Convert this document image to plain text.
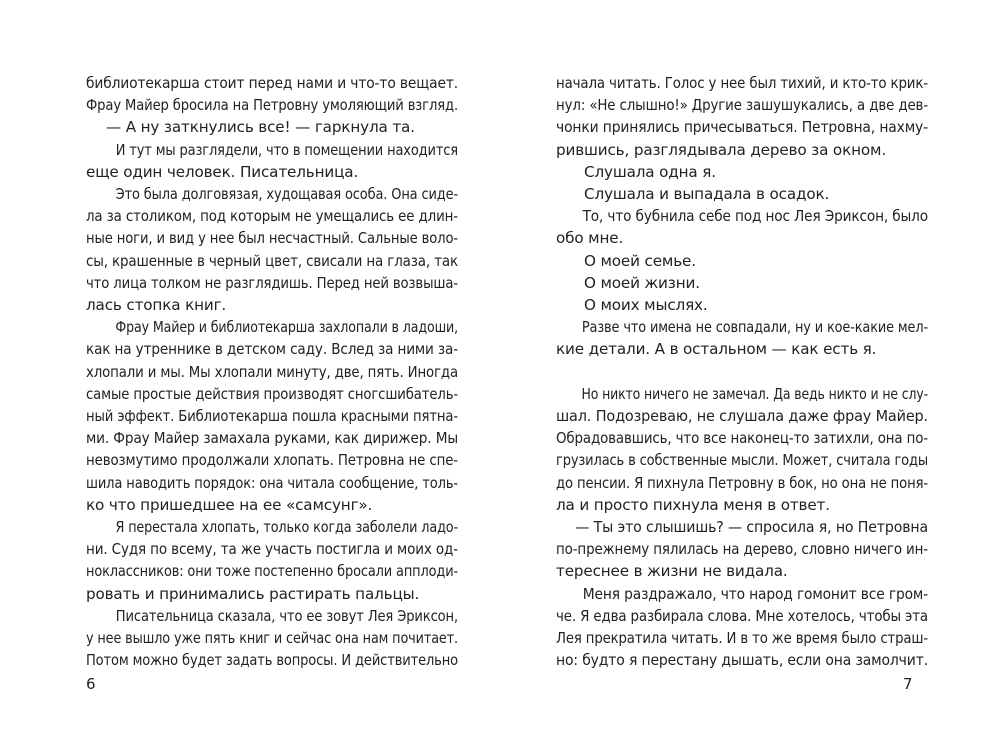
библиотекарша стоит перед нами и что-то вещает.

Фрау Майер бросила на Петровну умоляющий взгляд.

— А ну заткнулись все! — гаркнула та.

И тут мы разглядели, что в помещении находится

еще один человек. Писательница.

Это была долговязая, худощавая особа. Она сиде-

ла за столиком, под которым не умещались ее длин-

ные ноги, и вид у нее был несчастный. Сальные воло-

сы, крашенные в черный цвет, свисали на глаза, так

что лица толком не разглядишь. Перед ней возвыша-

лась стопка книг.

Фрау Майер и библиотекарша захлопали в ладоши,

как на утреннике в детском саду. Вслед за ними за-

хлопали и мы. Мы хлопали минуту, две, пять. Иногда

самые простые действия производят сногсшибатель-

ный эффект. Библиотекарша пошла красными пятна-

ми. Фрау Майер замахала руками, как дирижер. Мы

невозмутимо продолжали хлопать. Петровна не спе-

шила наводить порядок: она читала сообщение, толь-

ко что пришедшее на ее «самсунг».

Я перестала хлопать, только когда заболели ладо-

ни. Судя по всему, та же участь постигла и моих од-

ноклассников: они тоже постепенно бросали апплоди-

ровать и принимались растирать пальцы.

Писательница сказала, что ее зовут Лея Эриксон,

у нее вышло уже пять книг и сейчас она нам почитает.

Потом можно будет задать вопросы. И действительно

начала читать. Голос у нее был тихий, и кто-то крик-

нул: «Не слышно!» Другие зашушукались, а две дев-

чонки принялись причесываться. Петровна, нахму-

рившись, разглядывала дерево за окном.

Слушала одна я.

Слушала и выпадала в осадок.

То, что бубнила себе под нос Лея Эриксон, было

обо мне.

О моей семье.

О моей жизни.

О моих мыслях.

Разве что имена не совпадали, ну и кое-какие мел-

кие детали. А в остальном — как есть я.

Но никто ничего не замечал. Да ведь никто и не слу-

шал. Подозреваю, не слушала даже фрау Майер.

Обрадовавшись, что все наконец-то затихли, она по-

грузилась в собственные мысли. Может, считала годы

до пенсии. Я пихнула Петровну в бок, но она не поня-

ла и просто пихнула меня в ответ.

— Ты это слышишь? — спросила я, но Петровна

по-прежнему пялилась на дерево, словно ничего ин-

тереснее в жизни не видала.

Меня раздражало, что народ гомонит все гром-

че. Я едва разбирала слова. Мне хотелось, чтобы эта

Лея прекратила читать. И в то же время было страш-

но: будто я перестану дышать, если она замолчит.

6	7
